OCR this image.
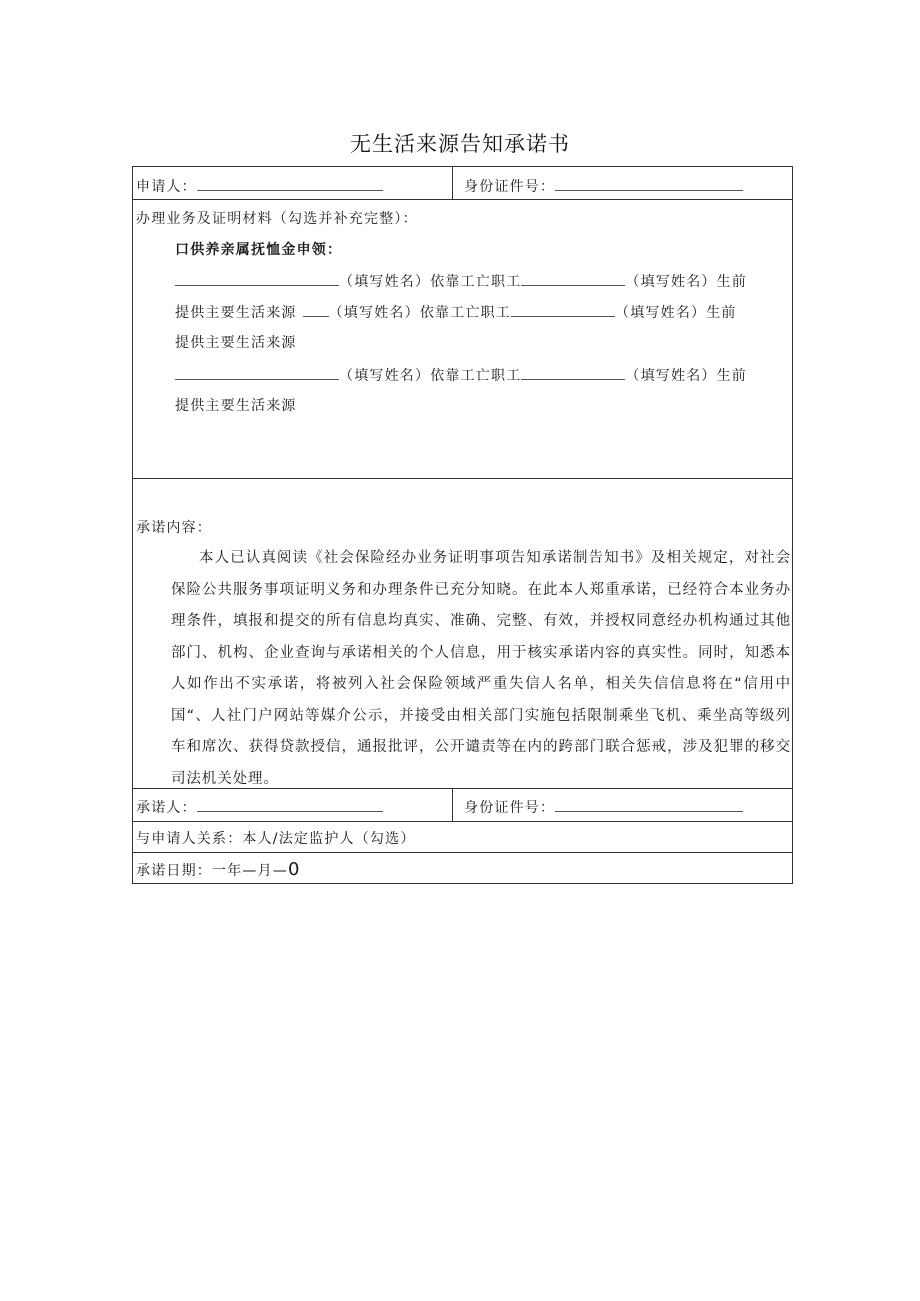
无生活来源告知承诺书
申请人：	身份证件号：
办理业务及证明材料（勾选并补充完整）：
口供养亲属抚恤金申领：
（填写姓名）依靠工亡职工	（填写姓名）生前
提供主要生活来源 （填写姓名）依靠工亡职工	（填写姓名）生前
提供主要生活来源
（填写姓名）依靠工亡职工	（填写姓名）生前
提供主要生活来源
承诺内容：
本人已认真阅读《社会保险经办业务证明事项告知承诺制告知书》及相关规定，对社会保险公共服务事项证明义务和办理条件已充分知晓。在此本人郑重承诺，已经符合本业务办理条件，填报和提交的所有信息均真实、准确、完整、有效，并授权同意经办机构通过其他部门、机构、企业查询与承诺相关的个人信息，用于核实承诺内容的真实性。同时，知悉本人如作出不实承诺，将被列入社会保险领域严重失信人名单，相关失信信息将在“信用中国“、人社门户网站等媒介公示，并接受由相关部门实施包括限制乘坐飞机、乘坐高等级列车和席次、获得贷款授信，通报批评，公开谴责等在内的跨部门联合惩戒，涉及犯罪的移交司法机关处理。
承诺人：	身份证件号：
与申请人关系：本人/法定监护人（勾选）
承诺日期：一年—月—0
